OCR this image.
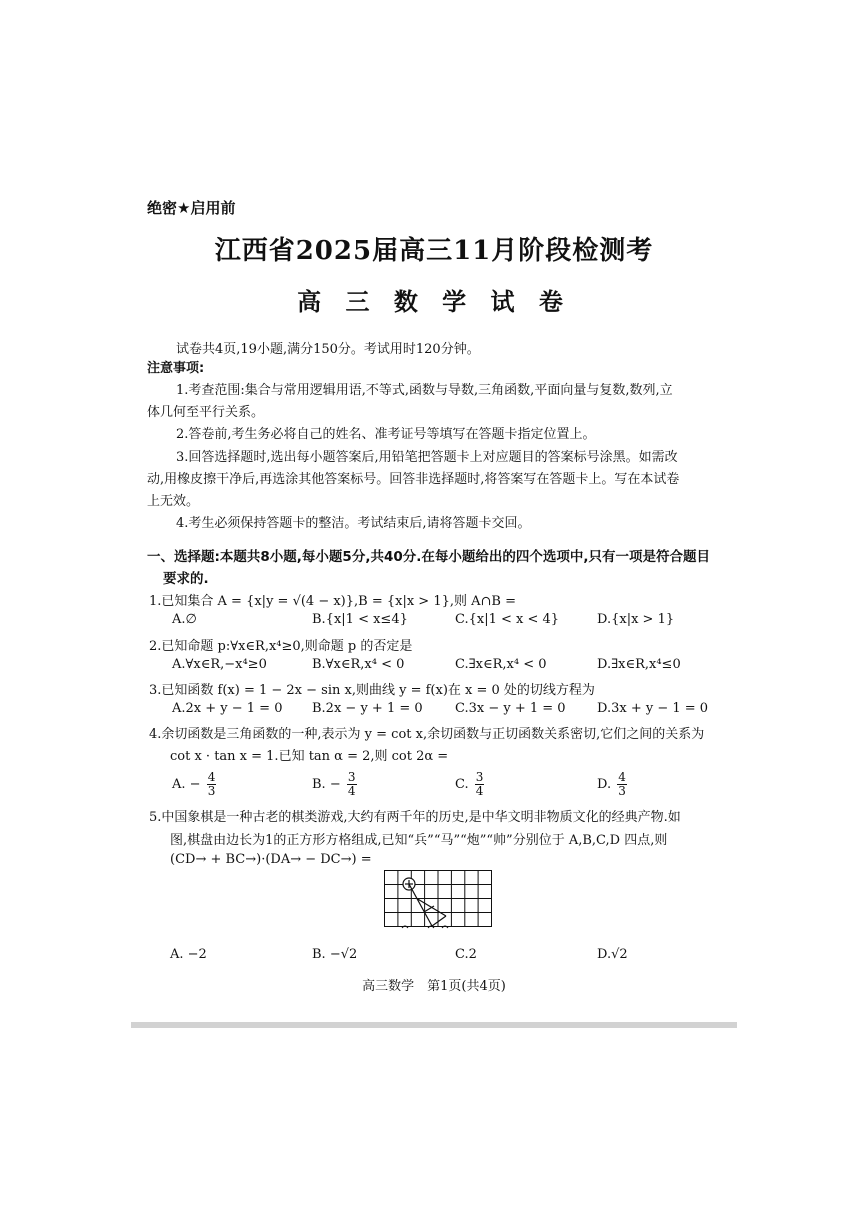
绝密★启用前
江西省2025届高三11月阶段检测考
高 三 数 学 试 卷
试卷共4页,19小题,满分150分。考试用时120分钟。
注意事项:
1.考查范围:集合与常用逻辑用语,不等式,函数与导数,三角函数,平面向量与复数,数列,立
体几何至平行关系。
2.答卷前,考生务必将自己的姓名、准考证号等填写在答题卡指定位置上。
3.回答选择题时,选出每小题答案后,用铅笔把答题卡上对应题目的答案标号涂黑。如需改
动,用橡皮擦干净后,再选涂其他答案标号。回答非选择题时,将答案写在答题卡上。写在本试卷
上无效。
4.考生必须保持答题卡的整洁。考试结束后,请将答题卡交回。
一、选择题:本题共8小题,每小题5分,共40分.在每小题给出的四个选项中,只有一项是符合题目
要求的.
1.已知集合 A = {x|y = √(4 − x)},B = {x|x > 1},则 A∩B =
A.∅	B.{x|1 < x≤4}	C.{x|1 < x < 4}	D.{x|x > 1}
2.已知命题 p:∀x∈R,x⁴≥0,则命题 p 的否定是
A.∀x∈R,−x⁴≥0	B.∀x∈R,x⁴ < 0	C.∃x∈R,x⁴ < 0	D.∃x∈R,x⁴≤0
3.已知函数 f(x) = 1 − 2x − sin x,则曲线 y = f(x)在 x = 0 处的切线方程为
A.2x + y − 1 = 0 B.2x − y + 1 = 0 C.3x − y + 1 = 0 D.3x + y − 1 = 0
4.余切函数是三角函数的一种,表示为 y = cot x,余切函数与正切函数关系密切,它们之间的关系为
cot x · tan x = 1.已知 tan α = 2,则 cot 2α =
A. − $\frac{4}{3}$	B. − $\frac{3}{4}$	C. $\frac{3}{4}$	D. $\frac{4}{3}$
5.中国象棋是一种古老的棋类游戏,大约有两千年的历史,是中华文明非物质文化的经典产物.如
图,棋盘由边长为1的正方形方格组成,已知“兵”“马”“炮”“帅”分别位于 A,B,C,D 四点,则
(CD→ + BC→)·(DA→ − DC→) =
A. −2	B. −√2	C.2	D.√2
高三数学　第1页(共4页)
